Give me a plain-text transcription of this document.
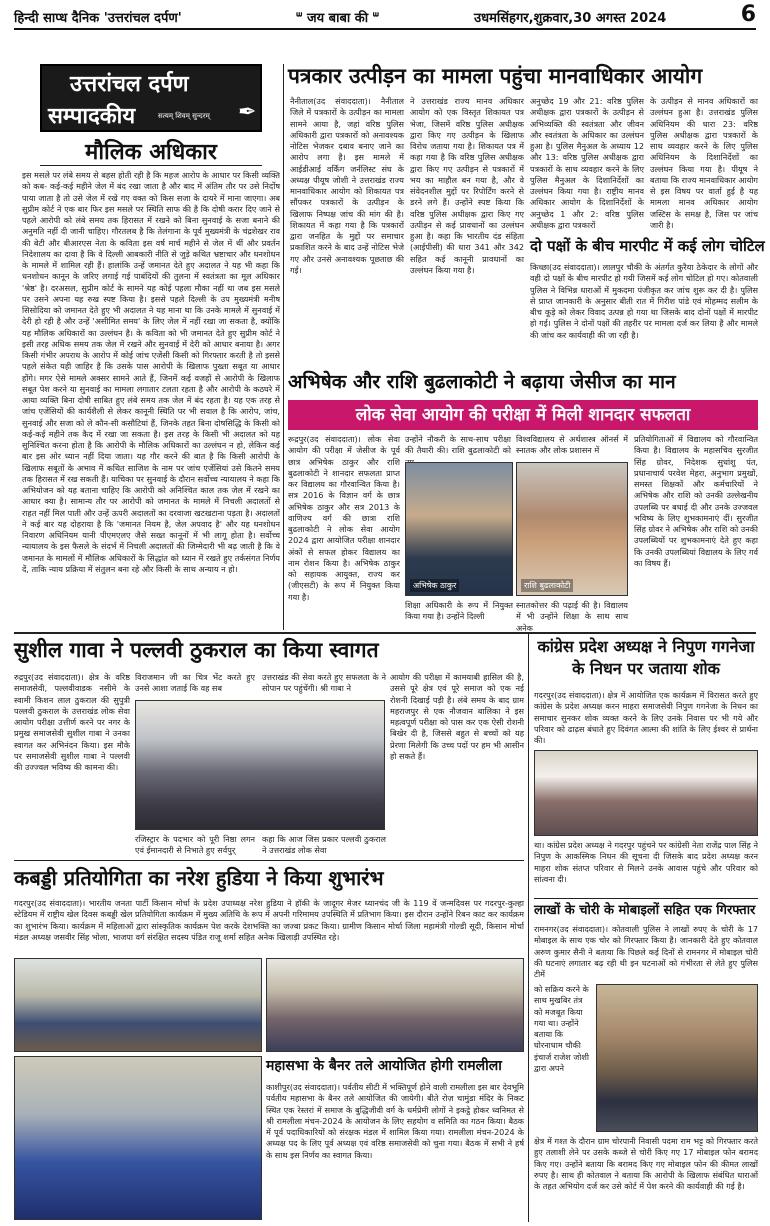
हिन्दी साप्ध दैनिक 'उत्तरांचल दर्पण'	ᐜ जय बाबा की ᐜ	उधमसिंहगर,शुक्रवार,30 अगस्त 2024	6
उत्तरांचल दर्पण
सम्पादकीय	सत्यम् शिवम् सुन्दरम्	✒
मौलिक अधिकार
इस मसले पर लंबे समय से बहस होती रही है कि महज आरोप के आधार पर किसी व्यक्ति को कब- कई-कई महीने जेल में बंद रखा जाता है और बाद में अंतिम तौर पर उसे निर्दोष पाया जाता है तो उसे जेल में रखे गए वक्त को किस सजा के दायरे में माना जाएगा। अब सुप्रीम कोर्ट ने एक बार फिर इस मसले पर स्थिति साफ की है कि दोषी करार दिए जाने से पहले आरोपी को लंबे समय तक हिरासत में रखने को बिना सुनवाई के सजा बनाने की अनुमति नहीं दी जानी चाहिए। गौरतलब है कि तेलंगाना के पूर्व मुख्यमंत्री के चंद्रशेखर राव की बेटी और बीआरएस नेता के कविता इस वर्ष मार्च महीने से जेल में थीं और प्रवर्तन निदेशालय का दावा है कि वे दिल्ली आबकारी नीति से जुड़े कथित भ्रष्टाचार और धनशोधन के मामले में शामिल रही हैं। हालांकि उन्हें जमानत देते हुए अदालत ने यह भी कहा कि धनशोधन कानून के जरिए लगाई गई पाबंदियों की तुलना में स्वतंत्रता का मूल अधिकार 'श्रेष्ठ' है। दरअसल, सुप्रीम कोर्ट के सामने यह कोई पहला मौका नहीं था जब इस मसले पर उसने अपना यह रुख स्पष्ट किया है। इससे पहले दिल्ली के उप मुख्यमंत्री मनीष सिसोदिया को जमानत देते हुए भी अदालत ने यह माना था कि उनके मामले में सुनवाई में देरी हो रही है और उन्हें 'असीमित समय' के लिए जेल में नहीं रखा जा सकता है, क्योंकि यह मौलिक अधिकारों का उल्लंघन है। के कविता को भी जमानत देते हुए सुप्रीम कोर्ट ने इसी तरह अधिक समय तक जेल में रखने और सुनवाई में देरी को आधार बनाया है। अगर किसी गंभीर अपराध के आरोप में कोई जांच एजेंसी किसी को गिरफ्तार करती है तो इससे पहले संकेत यही जाहिर है कि उसके पास आरोपी के खिलाफ पुख्ता सबूत या आधार होंगे। मगर ऐसे मामले अक्सर सामने आते हैं, जिनमें कई वजहों से आरोपी के खिलाफ सबूत पेश करने या सुनवाई का मामला लगातार टलता रहता है और आरोपी के कठघरे में आया व्यक्ति बिना दोषी साबित हुए लंबे समय तक जेल में बंद रहता है। यह एक तरह से जांच एजेंसियों की कार्यशैली से लेकर कानूनी स्थिति पर भी सवाल है कि आरोप, जांच, सुनवाई और सजा को ले कौन-सी कसौटियां हैं, जिनके तहत बिना दोषसिद्धि के किसी को कई-कई महीने तक कैद में रखा जा सकता है। इस तरह के किसी भी अदालत को यह सुनिश्चित करना होता है कि आरोपी के मौलिक अधिकारों का उल्लंघन न हो, लेकिन कई बार इस ओर ध्यान नहीं दिया जाता। यह गौर करने की बात है कि किसी आरोपी के खिलाफ सबूतों के अभाव में कथित साजिश के नाम पर जांच एजेंसियां उसे कितने समय तक हिरासत में रख सकती हैं। याचिका पर सुनवाई के दौरान सर्वोच्च न्यायालय ने कहा कि अभियोजन को यह बताना चाहिए कि आरोपी को अनिश्चित काल तक जेल में रखने का आधार क्या है। सामान्य तौर पर आरोपी को जमानत के मामले में निचली अदालतों से राहत नहीं मिल पाती और उन्हें ऊपरी अदालतों का दरवाजा खटखटाना पड़ता है। अदालतों ने कई बार यह दोहराया है कि 'जमानत नियम है, जेल अपवाद है' और यह धनशोधन निवारण अधिनियम यानी पीएमएलए जैसे सख्त कानूनों में भी लागू होता है। सर्वोच्च न्यायालय के इस फैसले के संदर्भ में निचली अदालतों की जिम्मेदारी भी बढ़ जाती है कि वे जमानत के मामलों में मौलिक अधिकारों के सिद्धांत को ध्यान में रखते हुए तर्कसंगत निर्णय दें, ताकि न्याय प्रक्रिया में संतुलन बना रहे और किसी के साथ अन्याय न हो।
पत्रकार उत्पीड़न का मामला पहुंचा मानवाधिकार आयोग
नैनीताल(उद संवाददाता)। नैनीताल जिले में पत्रकारों के उत्पीड़न का मामला सामने आया है, जहां वरिष्ठ पुलिस अधिकारी द्वारा पत्रकारों को अनावश्यक नोटिस भेजकर दबाव बनाए जाने का आरोप लगा है। इस मामले में आईडीआई वर्किंग जर्नलिस्ट संघ के अध्यक्ष पीयूष जोशी ने उत्तराखंड राज्य मानवाधिकार आयोग को शिकायत पत्र सौंपकर पत्रकारों के उत्पीड़न के खिलाफ निष्पक्ष जांच की मांग की है। शिकायत में कहा गया है कि पत्रकारों द्वारा जनहित के मुद्दों पर समाचार प्रकाशित करने के बाद उन्हें नोटिस भेजे गए और उनसे अनावश्यक पूछताछ की गई।
ने उत्तराखंड राज्य मानव अधिकार आयोग को एक विस्तृत शिकायत पत्र भेजा, जिसमें वरिष्ठ पुलिस अधीक्षक द्वारा किए गए उत्पीड़न के खिलाफ विरोध जताया गया है। शिकायत पत्र में कहा गया है कि वरिष्ठ पुलिस अधीक्षक द्वारा किए गए उत्पीड़न से पत्रकारों में भय का माहौल बन गया है, और वे संवेदनशील मुद्दों पर रिपोर्टिंग करने से डरने लगे हैं। उन्होंने स्पष्ट किया कि वरिष्ठ पुलिस अधीक्षक द्वारा किए गए उत्पीड़न से कई प्रावधानों का उल्लंघन हुआ है। कहा कि भारतीय दंड संहिता (आईपीसी) की धारा 341 और 342 सहित कई कानूनी प्रावधानों का उल्लंघन किया गया है।
अनुच्छेद 19 और 21: वरिष्ठ पुलिस अधीक्षक द्वारा पत्रकारों के उत्पीड़न से अभिव्यक्ति की स्वतंत्रता और जीवन और स्वतंत्रता के अधिकार का उल्लंघन हुआ है। पुलिस मैनुअल के अध्याय 12 और 13: वरिष्ठ पुलिस अधीक्षक द्वारा पत्रकारों के साथ व्यवहार करने के लिए पुलिस मैनुअल के दिशानिर्देशों का उल्लंघन किया गया है। राष्ट्रीय मानव अधिकार आयोग के दिशानिर्देशों के अनुच्छेद 1 और 2: वरिष्ठ पुलिस अधीक्षक द्वारा पत्रकारों
के उत्पीड़न से मानव अधिकारों का उल्लंघन हुआ है। उत्तराखंड पुलिस अधिनियम की धारा 23: वरिष्ठ पुलिस अधीक्षक द्वारा पत्रकारों के साथ व्यवहार करने के लिए पुलिस अधिनियम के दिशानिर्देशों का उल्लंघन किया गया है। पीयूष ने बताया कि राज्य मानवाधिकार आयोग से इस विषय पर वार्ता हुई है यह मामला मानव अधिकार आयोग जस्टिस के समक्ष है, जिस पर जांच जारी है।
दो पक्षों के बीच मारपीट में कई लोग चोटिल
किच्छा(उद संवाददाता)। लालपुर चौकी के अंतर्गत कुरैया ठेकेदार के लोगों और वही दो पक्षों के बीच मारपीट हो गयी जिसमें कई लोग चोटिल हो गए। कोतवाली पुलिस ने विभिन्न धाराओं में मुकदमा पंजीकृत कर जांच शुरू कर दी है। पुलिस से प्राप्त जानकारी के अनुसार बीती रात में गिरीश पांडे एवं मोहम्मद सलीम के बीच कूड़े को लेकर विवाद उत्पन्न हो गया था जिसके बाद दोनों पक्षों में मारपीट हो गई। पुलिस ने दोनों पक्षों की तहरीर पर मामला दर्ज कर लिया है और मामले की जांच कर कार्यवाही की जा रही है।
अभिषेक और राशि बुढलाकोटी ने बढ़ाया जेसीज का मान
लोक सेवा आयोग की परीक्षा में मिली शानदार सफलता
रूद्रपुर(उद संवाददाता)। लोक सेवा आयोग की परीक्षा में जेसीज के पूर्व छात्र अभिषेक ठाकुर और राशि बुढलाकोटी ने शानदार सफलता प्राप्त कर विद्यालय का गौरवान्वित किया है। सत्र 2016 के विज्ञान वर्ग के छात्र अभिषेक ठाकुर और सत्र 2013 के वाणिज्य वर्ग की छात्रा राशि बुढलाकोटी ने लोक सेवा आयोग 2024 द्वारा आयोजित परीक्षा शानदार अंकों से सफल होकर विद्यालय का नाम रोशन किया है। अभिषेक ठाकुर को सहायक आयुक्त, राज्य कर (जीएसटी) के रूप में नियुक्त किया गया है।
उन्होंने नौकरी के साथ-साथ परीक्षा की तैयारी की। राशि बुढलाकोटी को
विश्वविद्यालय से अर्थशास्त्र ऑनर्स में स्नातक और लोक प्रशासन में
अभिषेक ठाकुर	राशि बुढलाकोटी
शिक्षा अधिकारी के रूप में नियुक्त किया गया है। उन्होंने दिल्ली
स्नातकोत्तर की पढ़ाई की है। विद्यालय में भी उन्होंने शिक्षा के साथ साथ अनेक
प्रतियोगिताओं में विद्यालय को गौरवान्वित किया है। विद्यालय के महासचिव सुरजीत सिंह ग्रोवर, निदेशक सुधांशु पंत, प्रधानाचार्य परवेश मेहरा, अनुभाग प्रमुखों, समस्त शिक्षकों और कर्मचारियों ने अभिषेक और राशि को उनकी उल्लेखनीय उपलब्धि पर बधाई दी और उनके उज्जवल भविष्य के लिए शुभकामनाएं दीं। सुरजीत सिंह ग्रोवर ने अभिषेक और राशि को उनकी उपलब्धियों पर शुभकामनाएं देते हुए कहा कि उनकी उपलब्धियां विद्यालय के लिए गर्व का विषय हैं।
सुशील गावा ने पल्लवी ठुकराल का किया स्वागत
रुद्रपुर(उद संवाददाता)। क्षेत्र के वरिष्ठ समाजसेवी, पल्लवीवाडक नसीमे के स्वामी किशन लाल ठुकराल की सुपुत्री पल्लवी ठुकराल के उत्तराखंड लोक सेवा आयोग परीक्षा उत्तीर्ण करने पर नगर के प्रमुख समाजसेवी सुशील गाबा ने उनका स्वागत कर अभिनंदन किया। इस मौके पर समाजसेवी सुशील गाबा ने पल्लवी की उज्ज्वल भविष्य की कामना की।
विराजमान जी का चित्र भेंट करते हुए उनसे आशा जताई कि वह सब
उत्तराखंड की सेवा करते हुए सफलता के ने सोपान पर पहुंचेंगी। श्री गाबा ने
आयोग की परीक्षा में कामयाबी हासिल की है, उससे पूरे क्षेत्र एवं पूरे समाज को एक नई रोशनी दिखाई पड़ी है। लंबे समय के बाद ग्राम महराजपुर से एक नौजवान बालिका ने इस महत्वपूर्ण परीक्षा को पास कर एक ऐसी रोशनी बिखेर दी है, जिससे बहुत से बच्चों को यह प्रेरणा मिलेगी कि उच्च पदों पर हम भी आसीन हो सकते हैं।
रजिस्ट्रार के पदभार को पूरी निष्ठा लगन एवं ईमानदारी से निभाते हुए सर्वपुर्
कहा कि आज जिस प्रकार पल्लवी ठुकराल ने उत्तराखंड लोक सेवा
कांग्रेस प्रदेश अध्यक्ष ने निपुण गगनेजा के निधन पर जताया शोक
गदरपुर(उद संवाददाता)। क्षेत्र में आयोजित एक कार्यक्रम में विरासत करते हुए कांग्रेस के प्रदेश अध्यक्ष करन माहरा समाजसेवी निपुण गगनेजा के निधन का समाचार सुनकर शोक व्यक्त करने के लिए उनके निवास पर भी गये और परिवार को ढाढ़स बंधाते हुए दिवंगत आत्मा की शांति के लिए ईश्वर से प्रार्थना की।
था। कांग्रेस प्रदेश अध्यक्ष ने गदरपुर पहुंचने पर कांग्रेसी नेता राजेंद्र पाल सिंह ने निपुण के आकस्मिक निधन की सूचना दी जिसके बाद प्रदेश अध्यक्ष करन माहरा शोक संतप्त परिवार से मिलने उनके आवास पहुंचे और परिवार को सांत्वना दी।
लाखों के चोरी के मोबाइलों सहित एक गिरफ्तार
रामनगर(उद संवाददाता)। कोतवाली पुलिस ने लाखों रुपए के चोरी के 17 मोबाइल के साथ एक चोर को गिरफ्तार किया है। जानकारी देते हुए कोतवाल अरुण कुमार सैनी ने बताया कि पिछले कई दिनों से रामनगर में मोबाइल चोरी की घटनाएं लगातार बढ़ रही थी इन घटनाओं को गंभीरता से लेते हुए पुलिस टीमें
को सक्रिय करने के साथ मुखबिर तंत्र को मजबूत किया गया था। उन्होंने बताया कि घोरनाधाम चौकी इंचार्ज राजेश जोशी द्वारा अपने
क्षेत्र में गश्त के दौरान ग्राम चोरपानी निवासी पदमा राम भट्ट को गिरफ्तार करते हुए तलाशी लेने पर उसके कब्जे से चोरी किए गए 17 मोबाइल फोन बरामद किए गए। उन्होंने बताया कि बरामद किए गए मोबाइल फोन की कीमत लाखों रुपए है। साथ ही कोतवाल ने बताया कि आरोपी के खिलाफ संबंधित धाराओं के तहत अभियोग दर्ज कर उसे कोर्ट में पेश करने की कार्यवाही की गई है।
कबड्डी प्रतियोगिता का नरेश हुडिया ने किया शुभारंभ
गदरपुर(उद संवाददाता)। भारतीय जनता पार्टी किसान मोर्चा के प्रदेश उपाध्यक्ष नरेश हुडिया ने हॉकी के जादूगर मेजर ध्यानचंद जी के 119 वें जन्मदिवस पर गदरपुर-कुल्हा स्टेडियम में राष्ट्रीय खेल दिवस कबड्डी खेल प्रतियोगिता कार्यक्रम में मुख्य अतिथि के रूप में अपनी गरिमामय उपस्थिति में प्रतिभाग किया। इस दौरान उन्होंने रिबन काट कर कार्यक्रम का शुभारंभ किया। कार्यक्रम में महिलाओं द्वारा सांस्कृतिक कार्यक्रम पेश करके देशभक्ति का जज्बा प्रकट किया। ग्रामीण किसान मोर्चा जिला महामंत्री गोल्डी सूदी, किसान मोर्चा मंडल अध्यक्ष जसवीर सिंह भोला, भाजपा वर्ग संरक्षित सदस्य पंडित राजू शर्मा सहित अनेक खिलाड़ी उपस्थित रहे।
महासभा के बैनर तले आयोजित होगी रामलीला
काशीपुर(उद संवाददाता)। पर्वतीय सीटी में भक्तिपूर्ण होने वाली रामलीला इस बार देवभूमि पर्वतीय महासभा के बैनर तले आयोजित की जायेगी। बीते रोज़ चामुंडा मंदिर के निकट स्थित एक रेस्तरां में समाज के बुद्धिजीवी वर्ग के धर्मप्रेमी लोगों ने इकट्ठे होकर ध्वनिमत से श्री रामलीला मंचन-2024 के आयोजन के लिए सहयोग व समिति का गठन किया। बैठक में पूर्व पदाधिकारियों को संरक्षक मंडल में शामिल किया गया। रामलीला मंचन-2024 के अध्यक्ष पद के लिए पूर्व अध्यक्ष एवं वरिष्ठ समाजसेवी को चुना गया। बैठक में सभी ने हर्ष के साथ इस निर्णय का स्वागत किया।
